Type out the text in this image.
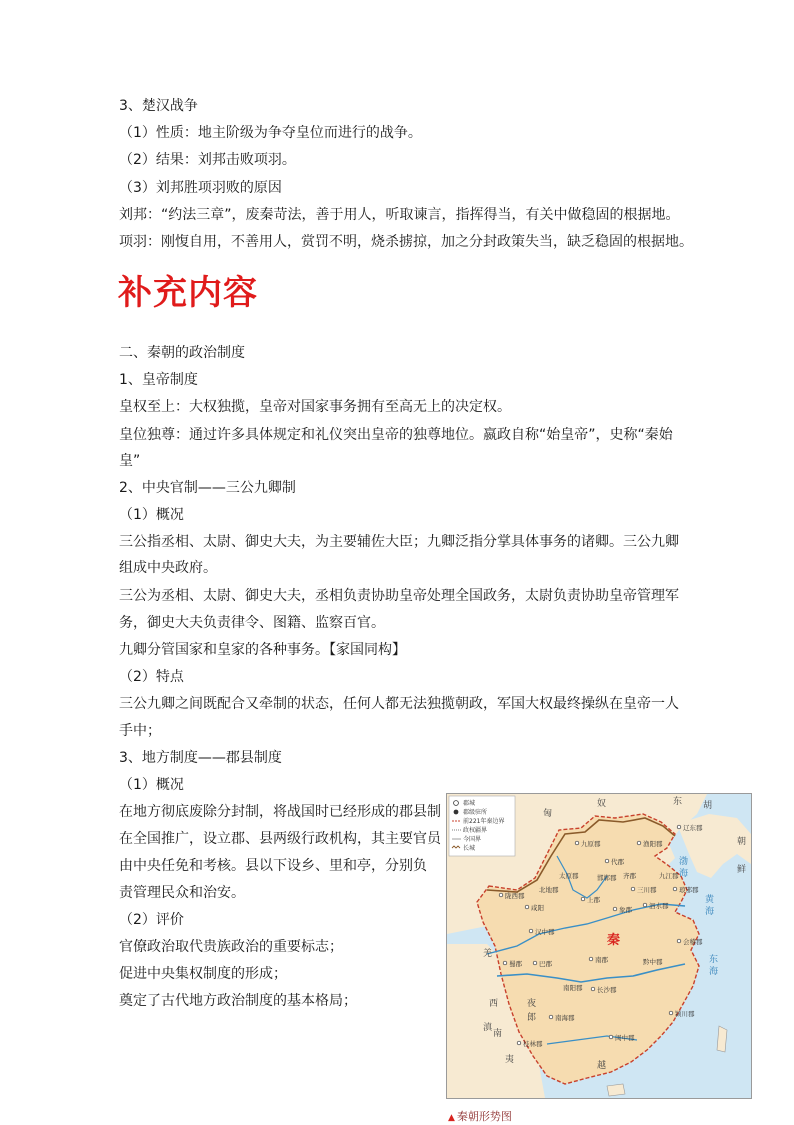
3、楚汉战争
（1）性质：地主阶级为争夺皇位而进行的战争。
（2）结果：刘邦击败项羽。
（3）刘邦胜项羽败的原因
刘邦：“约法三章”，废秦苛法，善于用人，听取谏言，指挥得当，有关中做稳固的根据地。
项羽：刚愎自用，不善用人，赏罚不明，烧杀掳掠，加之分封政策失当，缺乏稳固的根据地。
补充内容
二、秦朝的政治制度
1、皇帝制度
皇权至上：大权独揽，皇帝对国家事务拥有至高无上的决定权。
皇位独尊：通过许多具体规定和礼仪突出皇帝的独尊地位。嬴政自称“始皇帝”，史称“秦始
皇”
2、中央官制——三公九卿制
（1）概况
三公指丞相、太尉、御史大夫，为主要辅佐大臣；九卿泛指分掌具体事务的诸卿。三公九卿
组成中央政府。
三公为丞相、太尉、御史大夫，丞相负责协助皇帝处理全国政务，太尉负责协助皇帝管理军
务，御史大夫负责律令、图籍、监察百官。
九卿分管国家和皇家的各种事务。【家国同构】
（2）特点
三公九卿之间既配合又牵制的状态，任何人都无法独揽朝政，军国大权最终操纵在皇帝一人
手中；
3、地方制度——郡县制度
（1）概况
在地方彻底废除分封制，将战国时已经形成的郡县制
在全国推广，设立郡、县两级行政机构，其主要官员
由中央任免和考核。县以下设乡、里和亭，分别负
责管理民众和治安。
（2）评价
官僚政治取代贵族政治的重要标志；
促进中央集权制度的形成；
奠定了古代地方政治制度的基本格局；
郡城
郡级驻所
前221年秦边界
政权疆界
今国界
长城
匈
奴	东 胡
朝
鲜
羌
西
南
夷
夜
郎
滇
越
渤
海
黄
海
东
海
九原郡
代郡
渔阳郡
辽东郡
陇西郡
咸阳
北地郡
汉中郡
蜀郡	巴郡	南郡
长沙郡
会稽郡
琅邪郡
泗水郡
象郡
桂林郡
南海郡
闽中郡
颍川郡
三川郡
上郡
太原郡	邯郸郡 齐郡	九江郡
黔中郡
南阳郡
秦
▲ 秦朝形势图
